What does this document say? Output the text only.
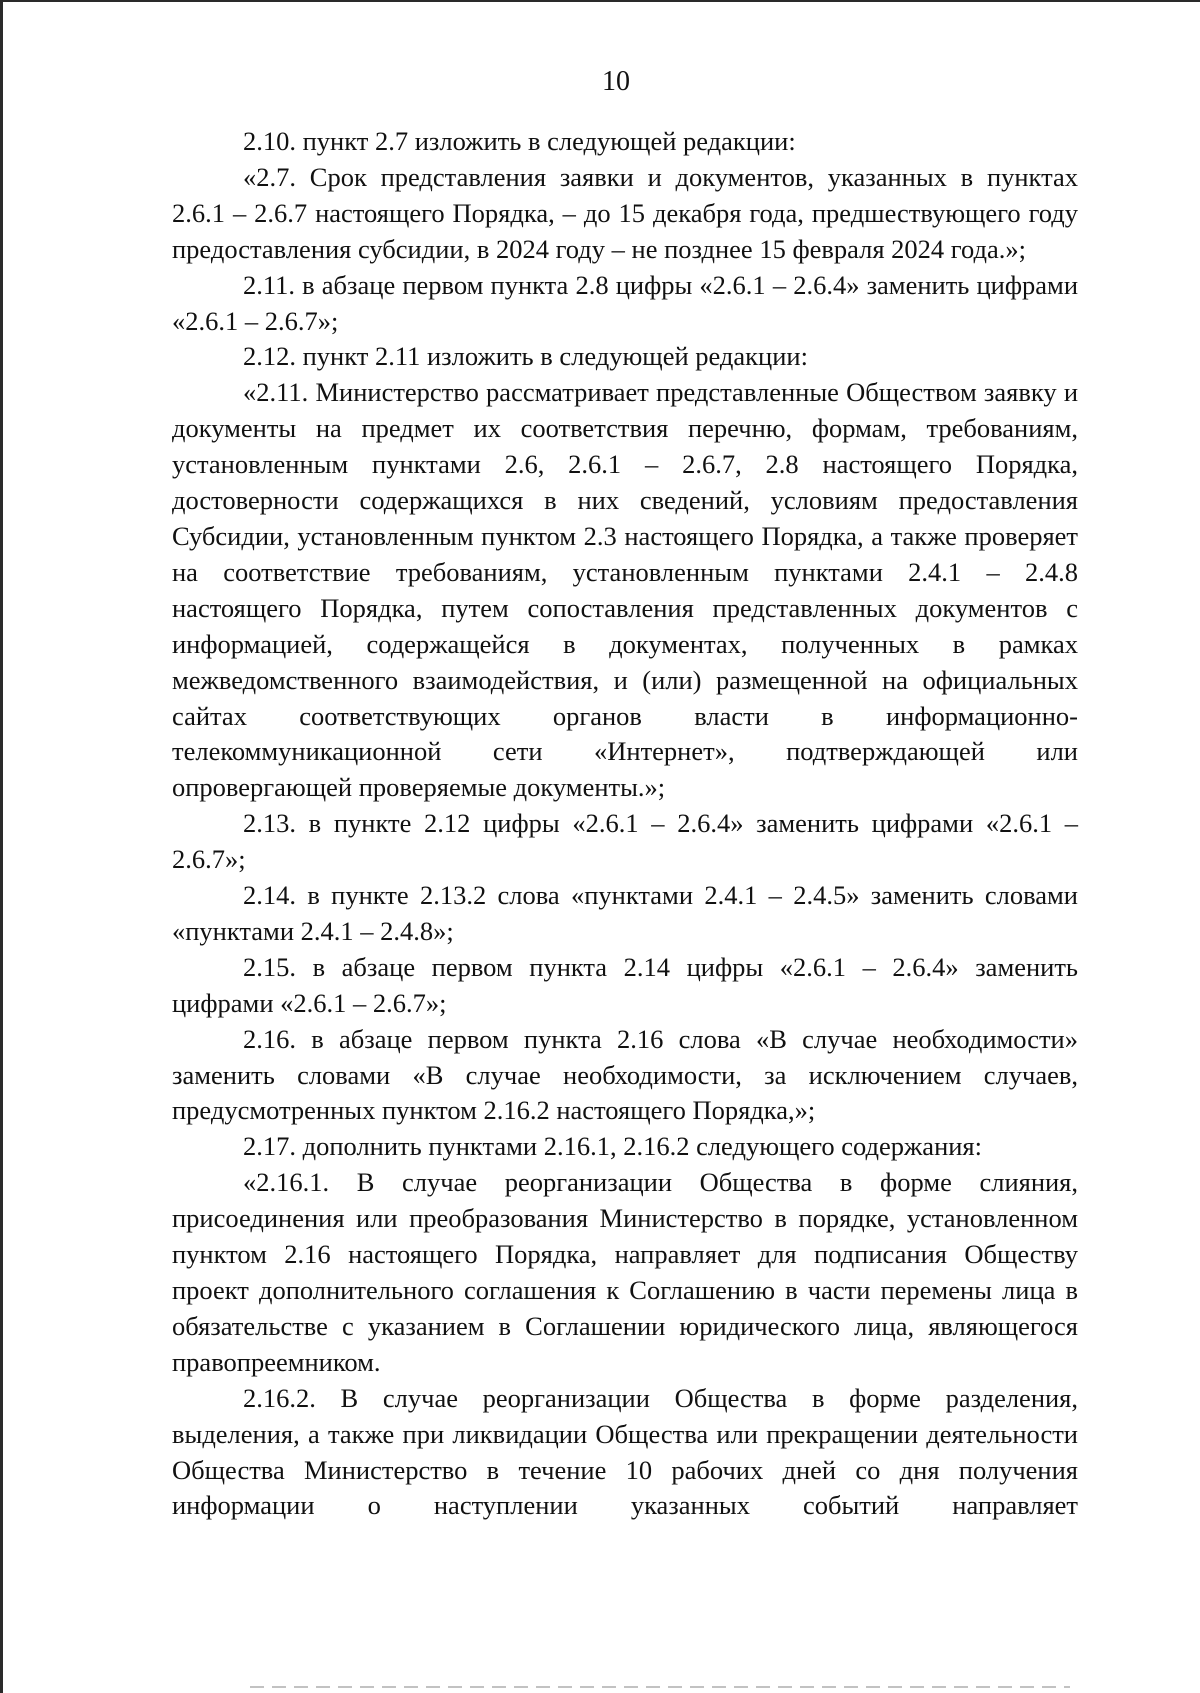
10

2.10. пункт 2.7 изложить в следующей редакции:

«2.7. Срок представления заявки и документов, указанных в пунктах 2.6.1 – 2.6.7 настоящего Порядка, – до 15 декабря года, предшествующего году предоставления субсидии, в 2024 году – не позднее 15 февраля 2024 года.»;

2.11. в абзаце первом пункта 2.8 цифры «2.6.1 – 2.6.4» заменить цифрами «2.6.1 – 2.6.7»;

2.12. пункт 2.11 изложить в следующей редакции:

«2.11. Министерство рассматривает представленные Обществом заявку и документы на предмет их соответствия перечню, формам, требованиям, установленным пунктами 2.6, 2.6.1 – 2.6.7, 2.8 настоящего Порядка, достоверности содержащихся в них сведений, условиям предоставления Субсидии, установленным пунктом 2.3 настоящего Порядка, а также проверяет на соответствие требованиям, установленным пунктами 2.4.1 – 2.4.8 настоящего Порядка, путем сопоставления представленных документов с информацией, содержащейся в документах, полученных в рамках межведомственного взаимодействия, и (или) размещенной на официальных сайтах соответствующих органов власти в информационно-телекоммуникационной сети «Интернет», подтверждающей или опровергающей проверяемые документы.»;

2.13. в пункте 2.12 цифры «2.6.1 – 2.6.4» заменить цифрами «2.6.1 – 2.6.7»;

2.14. в пункте 2.13.2 слова «пунктами 2.4.1 – 2.4.5» заменить словами «пунктами 2.4.1 – 2.4.8»;

2.15. в абзаце первом пункта 2.14 цифры «2.6.1 – 2.6.4» заменить цифрами «2.6.1 – 2.6.7»;

2.16. в абзаце первом пункта 2.16 слова «В случае необходимости» заменить словами «В случае необходимости, за исключением случаев, предусмотренных пунктом 2.16.2 настоящего Порядка,»;

2.17. дополнить пунктами 2.16.1, 2.16.2 следующего содержания:

«2.16.1. В случае реорганизации Общества в форме слияния, присоединения или преобразования Министерство в порядке, установленном пунктом 2.16 настоящего Порядка, направляет для подписания Обществу проект дополнительного соглашения к Соглашению в части перемены лица в обязательстве с указанием в Соглашении юридического лица, являющегося правопреемником.

2.16.2. В случае реорганизации Общества в форме разделения, выделения, а также при ликвидации Общества или прекращении деятельности Общества Министерство в течение 10 рабочих дней со дня получения информации о наступлении указанных событий направляет
